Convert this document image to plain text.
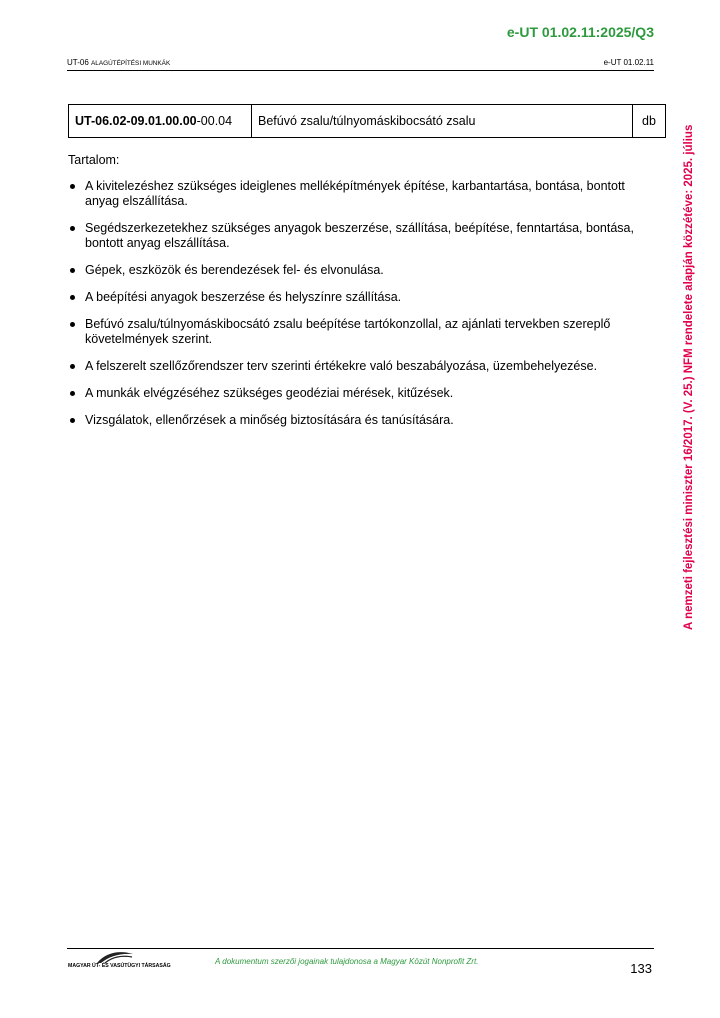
e-UT 01.02.11:2025/Q3
UT-06 ALAGÚTÉPÍTÉSI MUNKÁK	e-UT 01.02.11
UT-06.02-09.01.00.00-00.04	Befúvó zsalu/túlnyomáskibocsátó zsalu	db
Tartalom:
A kivitelezéshez szükséges ideiglenes melléképítmények építése, karbantartása, bontása, bontott anyag elszállítása.
Segédszerkezetekhez szükséges anyagok beszerzése, szállítása, beépítése, fenntartása, bontása, bontott anyag elszállítása.
Gépek, eszközök és berendezések fel- és elvonulása.
A beépítési anyagok beszerzése és helyszínre szállítása.
Befúvó zsalu/túlnyomáskibocsátó zsalu beépítése tartókonzollal, az ajánlati tervekben szereplő követelmények szerint.
A felszerelt szellőzőrendszer terv szerinti értékekre való beszabályozása, üzembehelyezése.
A munkák elvégzéséhez szükséges geodéziai mérések, kitűzések.
Vizsgálatok, ellenőrzések a minőség biztosítására és tanúsítására.	A nemzeti fejlesztési miniszter 16/2017. (V. 25.) NFM rendelete alapján közzétéve: 2025. július
MAGYAR ÚT- ÉS VASÚTÜGYI TÁRSASÁG	A dokumentum szerzői jogainak tulajdonosa a Magyar Közút Nonprofit Zrt.	133
